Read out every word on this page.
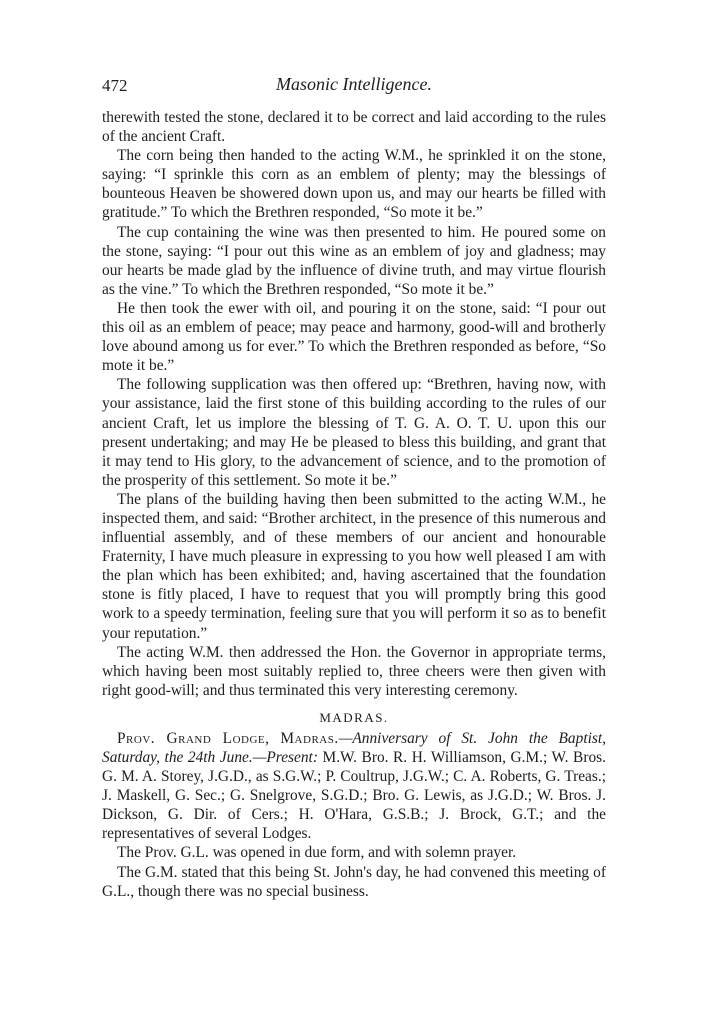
472	Masonic Intelligence.

therewith tested the stone, declared it to be correct and laid according to the rules of the ancient Craft.

The corn being then handed to the acting W.M., he sprinkled it on the stone, saying: “I sprinkle this corn as an emblem of plenty; may the blessings of bounteous Heaven be showered down upon us, and may our hearts be filled with gratitude.” To which the Brethren responded, “So mote it be.”

The cup containing the wine was then presented to him. He poured some on the stone, saying: “I pour out this wine as an emblem of joy and gladness; may our hearts be made glad by the influence of divine truth, and may virtue flourish as the vine.” To which the Brethren responded, “So mote it be.”

He then took the ewer with oil, and pouring it on the stone, said: “I pour out this oil as an emblem of peace; may peace and harmony, good-will and brotherly love abound among us for ever.” To which the Brethren responded as before, “So mote it be.”

The following supplication was then offered up: “Brethren, having now, with your assistance, laid the first stone of this building according to the rules of our ancient Craft, let us implore the blessing of T. G. A. O. T. U. upon this our present undertaking; and may He be pleased to bless this building, and grant that it may tend to His glory, to the advancement of science, and to the promotion of the prosperity of this settlement. So mote it be.”

The plans of the building having then been submitted to the acting W.M., he inspected them, and said: “Brother architect, in the presence of this numerous and influential assembly, and of these members of our ancient and honourable Fraternity, I have much pleasure in expressing to you how well pleased I am with the plan which has been exhibited; and, having ascertained that the foundation stone is fitly placed, I have to request that you will promptly bring this good work to a speedy termination, feeling sure that you will perform it so as to benefit your reputation.”

The acting W.M. then addressed the Hon. the Governor in appropriate terms, which having been most suitably replied to, three cheers were then given with right good-will; and thus terminated this very interesting ceremony.

MADRAS.

Prov. Grand Lodge, Madras.—Anniversary of St. John the Baptist, Saturday, the 24th June.—Present: M.W. Bro. R. H. Williamson, G.M.; W. Bros. G. M. A. Storey, J.G.D., as S.G.W.; P. Coultrup, J.G.W.; C. A. Roberts, G. Treas.; J. Maskell, G. Sec.; G. Snelgrove, S.G.D.; Bro. G. Lewis, as J.G.D.; W. Bros. J. Dickson, G. Dir. of Cers.; H. O'Hara, G.S.B.; J. Brock, G.T.; and the representatives of several Lodges.

The Prov. G.L. was opened in due form, and with solemn prayer.

The G.M. stated that this being St. John's day, he had convened this meeting of G.L., though there was no special business.
